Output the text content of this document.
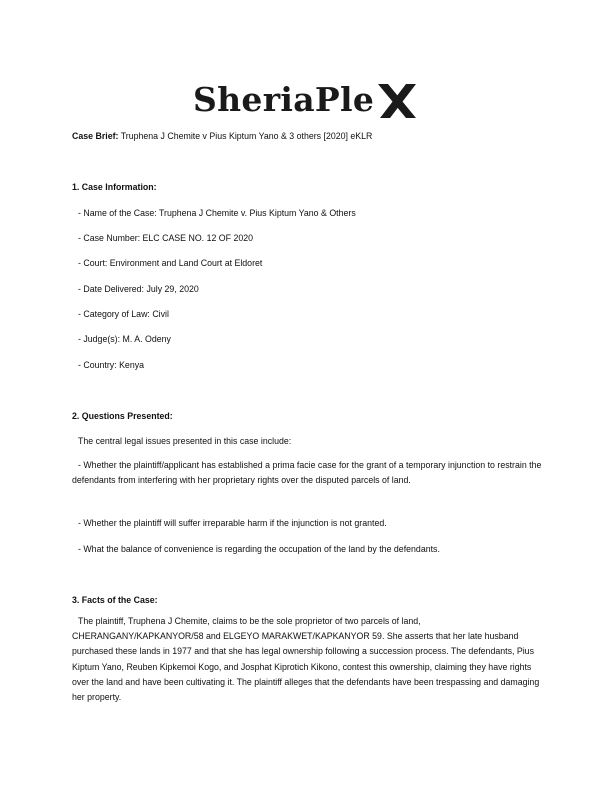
SheriaPle
Case Brief: Truphena J Chemite v Pius Kiptum Yano & 3 others [2020] eKLR
1. Case Information:
- Name of the Case: Truphena J Chemite v. Pius Kiptum Yano & Others
- Case Number: ELC CASE NO. 12 OF 2020
- Court: Environment and Land Court at Eldoret
- Date Delivered: July 29, 2020
- Category of Law: Civil
- Judge(s): M. A. Odeny
- Country: Kenya
2. Questions Presented:
The central legal issues presented in this case include:
- Whether the plaintiff/applicant has established a prima facie case for the grant of a temporary injunction to restrain the defendants from interfering with her proprietary rights over the disputed parcels of land.
- Whether the plaintiff will suffer irreparable harm if the injunction is not granted.
- What the balance of convenience is regarding the occupation of the land by the defendants.
3. Facts of the Case:
The plaintiff, Truphena J Chemite, claims to be the sole proprietor of two parcels of land, CHERANGANY/KAPKANYOR/58 and ELGEYO MARAKWET/KAPKANYOR 59. She asserts that her late husband purchased these lands in 1977 and that she has legal ownership following a succession process. The defendants, Pius Kiptum Yano, Reuben Kipkemoi Kogo, and Josphat Kiprotich Kikono, contest this ownership, claiming they have rights over the land and have been cultivating it. The plaintiff alleges that the defendants have been trespassing and damaging her property.
